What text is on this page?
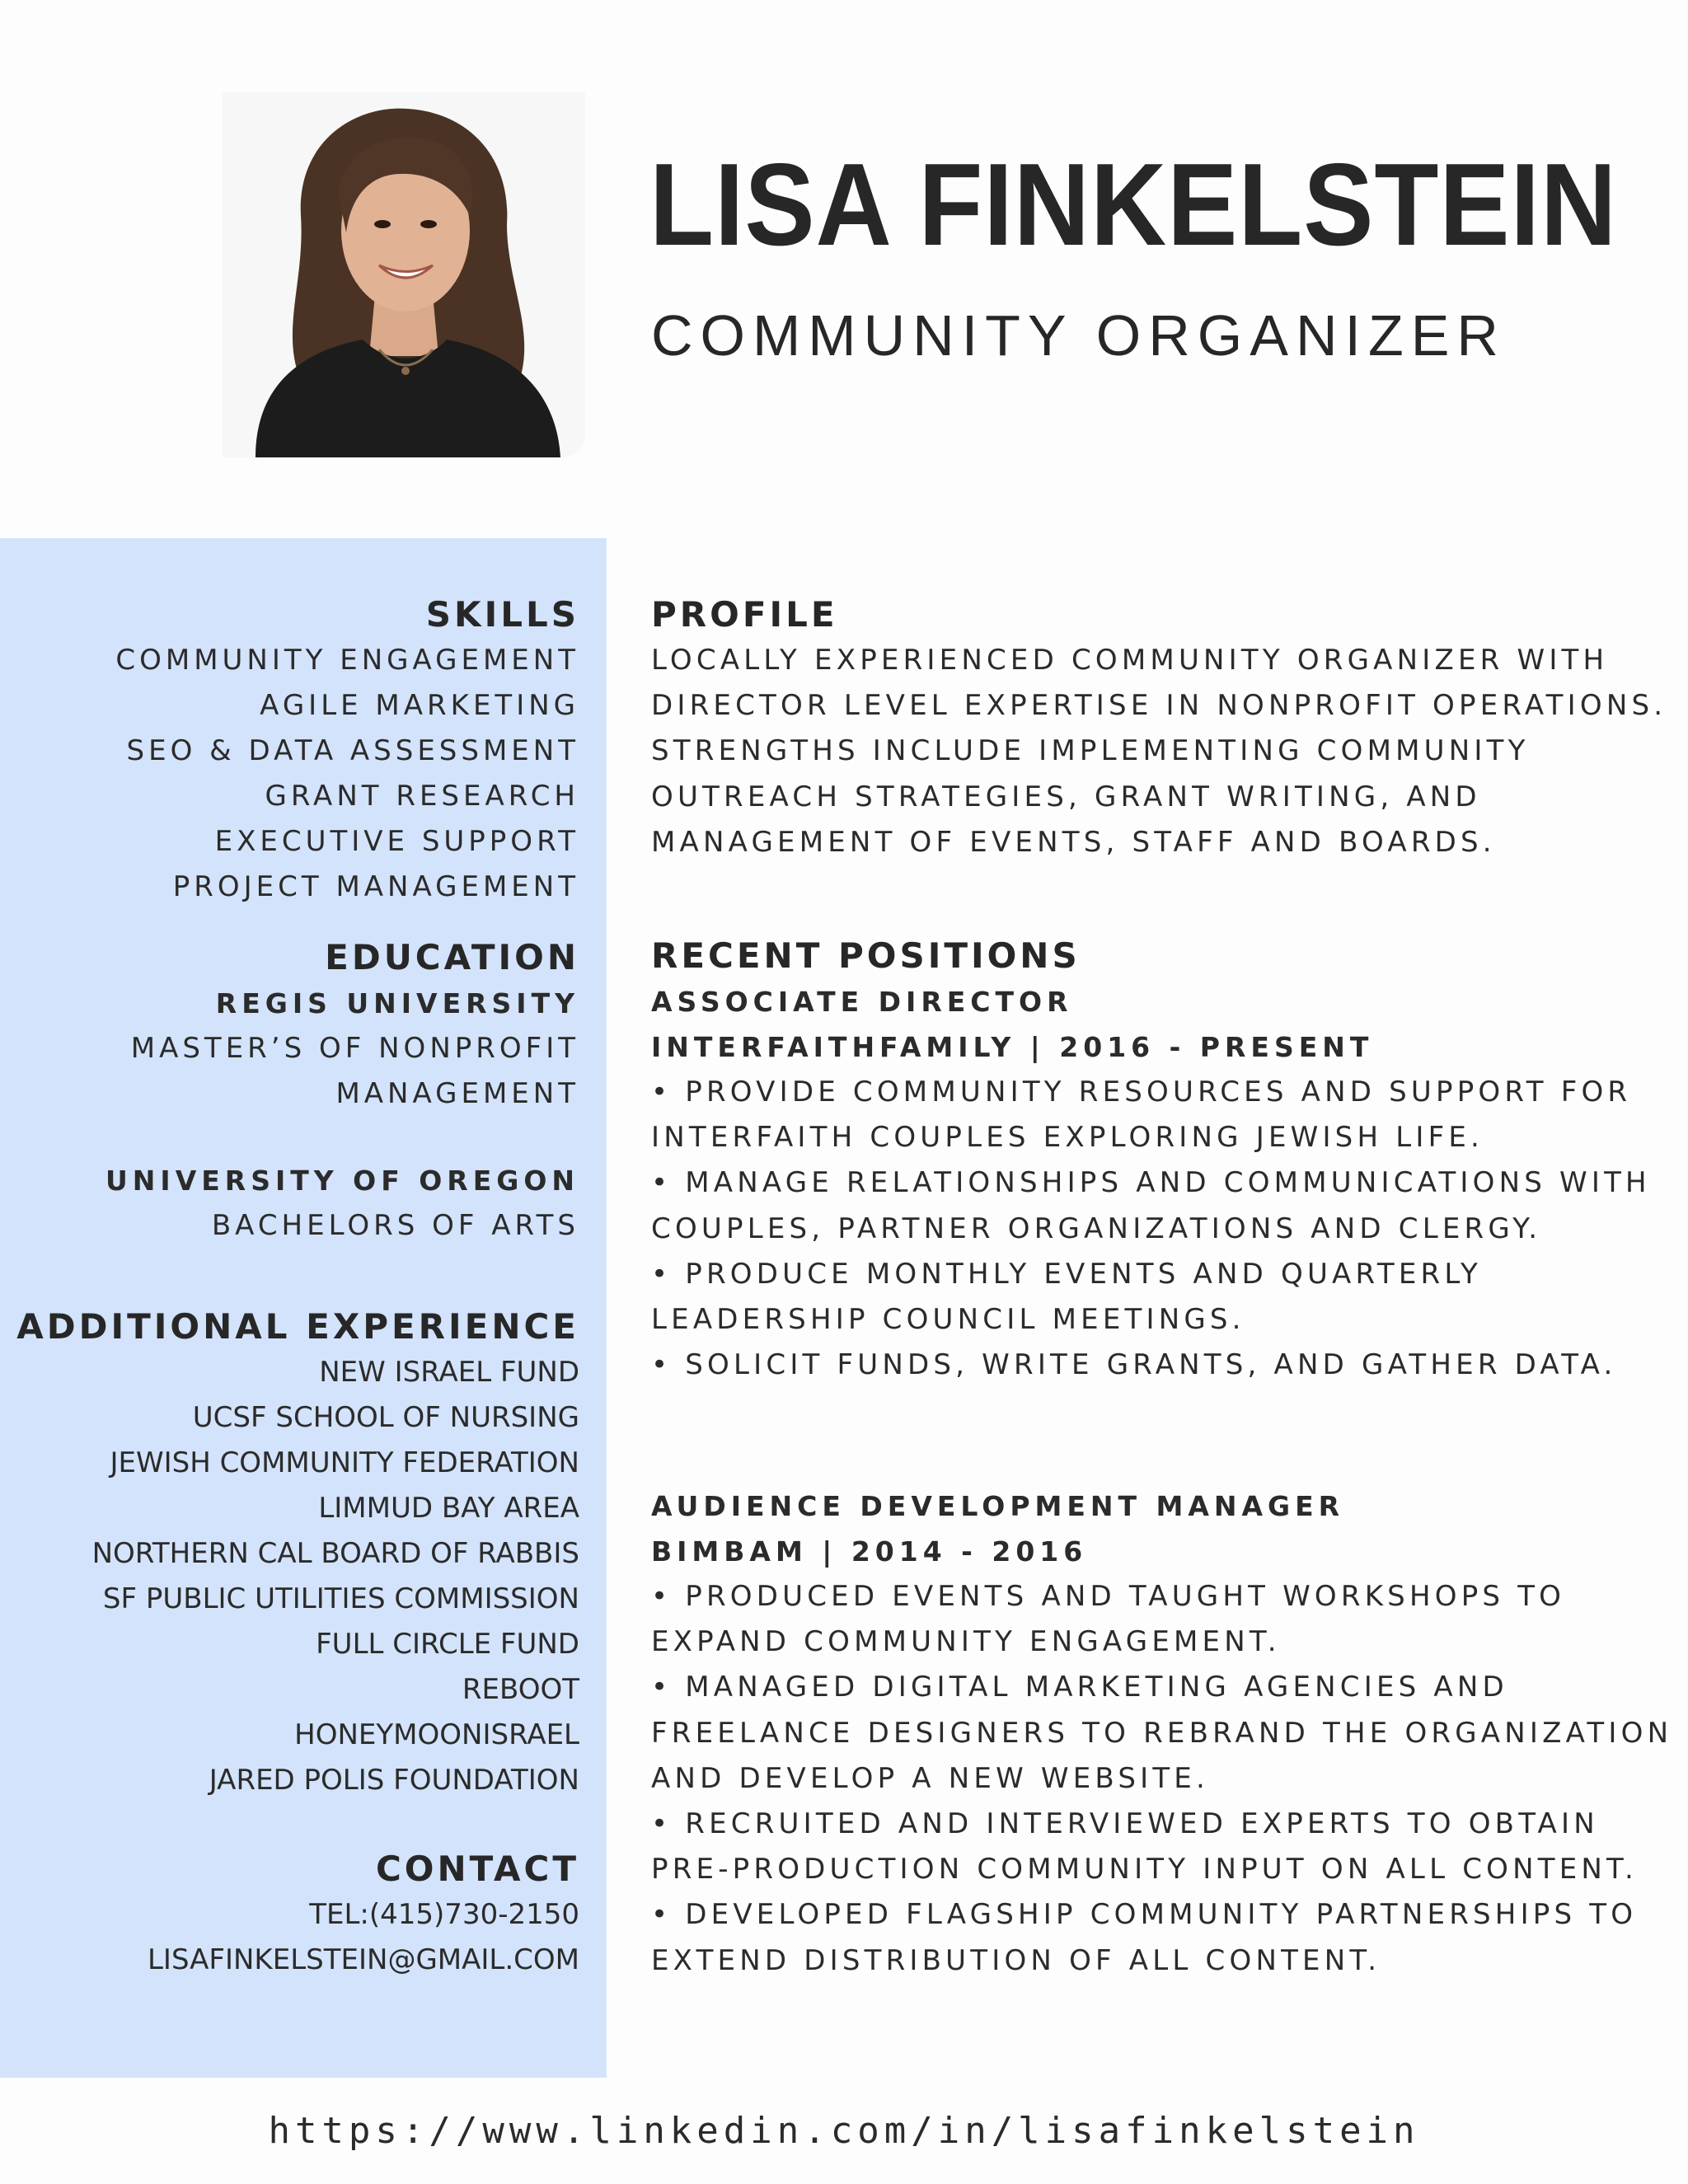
LISA FINKELSTEIN
COMMUNITY ORGANIZER
SKILLS
COMMUNITY ENGAGEMENT
AGILE MARKETING
SEO & DATA ASSESSMENT
GRANT RESEARCH
EXECUTIVE SUPPORT
PROJECT MANAGEMENT
EDUCATION
REGIS UNIVERSITY
MASTER’S OF NONPROFIT
MANAGEMENT
UNIVERSITY OF OREGON
BACHELORS OF ARTS
ADDITIONAL EXPERIENCE
NEW ISRAEL FUND
UCSF SCHOOL OF NURSING
JEWISH COMMUNITY FEDERATION
LIMMUD BAY AREA
NORTHERN CAL BOARD OF RABBIS
SF PUBLIC UTILITIES COMMISSION
FULL CIRCLE FUND
REBOOT
HONEYMOONISRAEL
JARED POLIS FOUNDATION
CONTACT
TEL:(415)730-2150
LISAFINKELSTEIN@GMAIL.COM
PROFILE
LOCALLY EXPERIENCED COMMUNITY ORGANIZER WITH
DIRECTOR LEVEL EXPERTISE IN NONPROFIT OPERATIONS.
STRENGTHS INCLUDE IMPLEMENTING COMMUNITY
OUTREACH STRATEGIES, GRANT WRITING, AND
MANAGEMENT OF EVENTS, STAFF AND BOARDS.
RECENT POSITIONS
ASSOCIATE DIRECTOR
INTERFAITHFAMILY | 2016 - PRESENT
• PROVIDE COMMUNITY RESOURCES AND SUPPORT FOR
INTERFAITH COUPLES EXPLORING JEWISH LIFE.
• MANAGE RELATIONSHIPS AND COMMUNICATIONS WITH
COUPLES, PARTNER ORGANIZATIONS AND CLERGY.
• PRODUCE MONTHLY EVENTS AND QUARTERLY
LEADERSHIP COUNCIL MEETINGS.
• SOLICIT FUNDS, WRITE GRANTS, AND GATHER DATA.
AUDIENCE DEVELOPMENT MANAGER
BIMBAM | 2014 - 2016
• PRODUCED EVENTS AND TAUGHT WORKSHOPS TO
EXPAND COMMUNITY ENGAGEMENT.
• MANAGED DIGITAL MARKETING AGENCIES AND
FREELANCE DESIGNERS TO REBRAND THE ORGANIZATION
AND DEVELOP A NEW WEBSITE.
• RECRUITED AND INTERVIEWED EXPERTS TO OBTAIN
PRE-PRODUCTION COMMUNITY INPUT ON ALL CONTENT.
• DEVELOPED FLAGSHIP COMMUNITY PARTNERSHIPS TO
EXTEND DISTRIBUTION OF ALL CONTENT.
https://www.linkedin.com/in/lisafinkelstein
